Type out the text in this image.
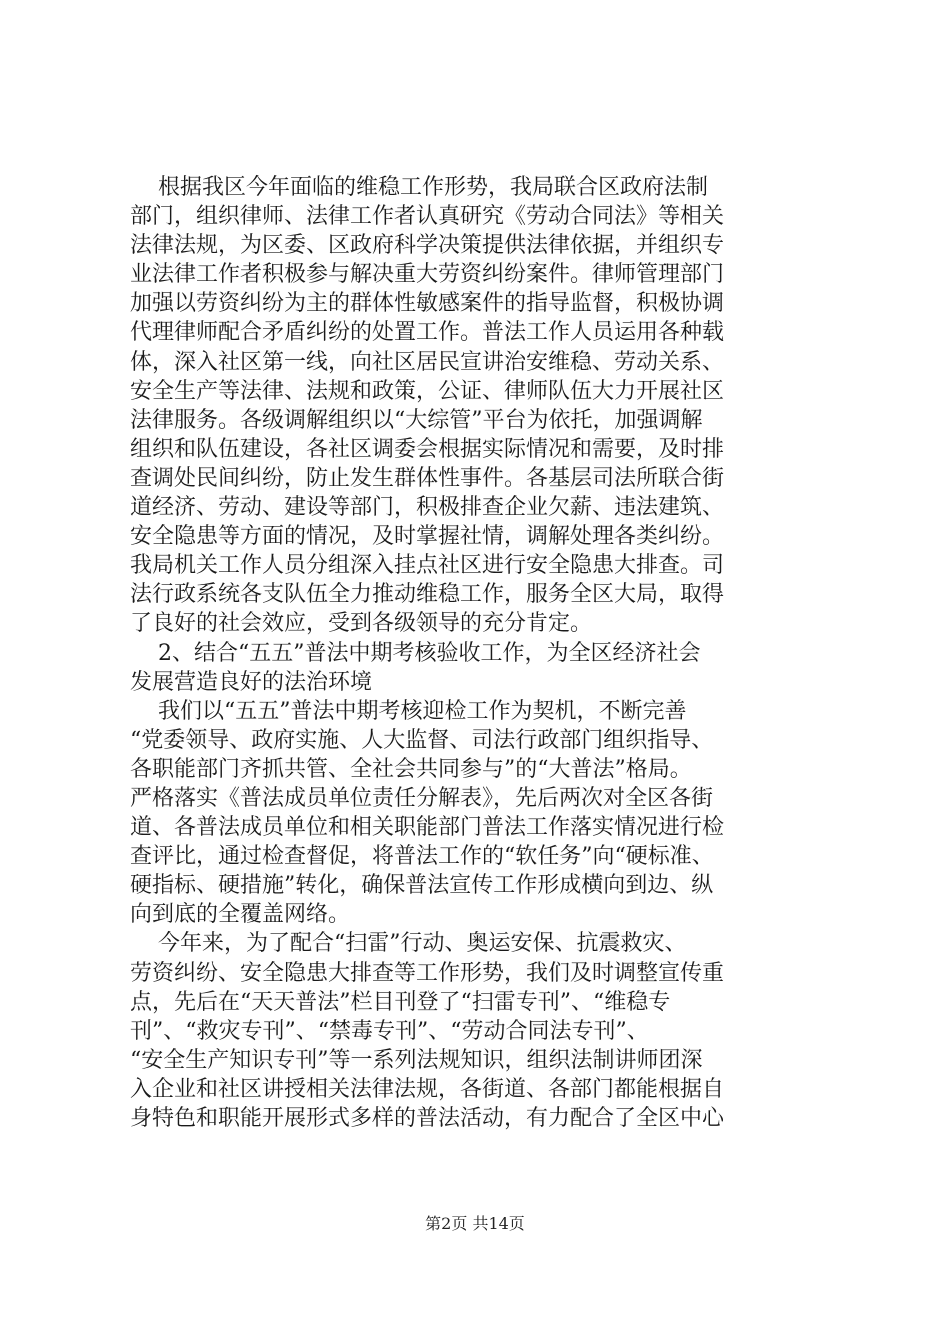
根据我区今年面临的维稳工作形势，我局联合区政府法制
部门，组织律师、法律工作者认真研究《劳动合同法》等相关
法律法规，为区委、区政府科学决策提供法律依据，并组织专
业法律工作者积极参与解决重大劳资纠纷案件。律师管理部门
加强以劳资纠纷为主的群体性敏感案件的指导监督，积极协调
代理律师配合矛盾纠纷的处置工作。普法工作人员运用各种载
体，深入社区第一线，向社区居民宣讲治安维稳、劳动关系、
安全生产等法律、法规和政策，公证、律师队伍大力开展社区
法律服务。各级调解组织以“大综管”平台为依托，加强调解
组织和队伍建设，各社区调委会根据实际情况和需要，及时排
查调处民间纠纷，防止发生群体性事件。各基层司法所联合街
道经济、劳动、建设等部门，积极排查企业欠薪、违法建筑、
安全隐患等方面的情况，及时掌握社情，调解处理各类纠纷。
我局机关工作人员分组深入挂点社区进行安全隐患大排查。司
法行政系统各支队伍全力推动维稳工作，服务全区大局，取得
了良好的社会效应，受到各级领导的充分肯定。
2、结合“五五”普法中期考核验收工作，为全区经济社会
发展营造良好的法治环境
我们以“五五”普法中期考核迎检工作为契机，不断完善
“党委领导、政府实施、人大监督、司法行政部门组织指导、
各职能部门齐抓共管、全社会共同参与”的“大普法”格局。
严格落实《普法成员单位责任分解表》，先后两次对全区各街
道、各普法成员单位和相关职能部门普法工作落实情况进行检
查评比，通过检查督促，将普法工作的“软任务”向“硬标准、
硬指标、硬措施”转化，确保普法宣传工作形成横向到边、纵
向到底的全覆盖网络。
今年来，为了配合“扫雷”行动、奥运安保、抗震救灾、
劳资纠纷、安全隐患大排查等工作形势，我们及时调整宣传重
点，先后在“天天普法”栏目刊登了“扫雷专刊”、“维稳专
刊”、“救灾专刊”、“禁毒专刊”、“劳动合同法专刊”、
“安全生产知识专刊”等一系列法规知识，组织法制讲师团深
入企业和社区讲授相关法律法规，各街道、各部门都能根据自
身特色和职能开展形式多样的普法活动，有力配合了全区中心
第2页 共14页
